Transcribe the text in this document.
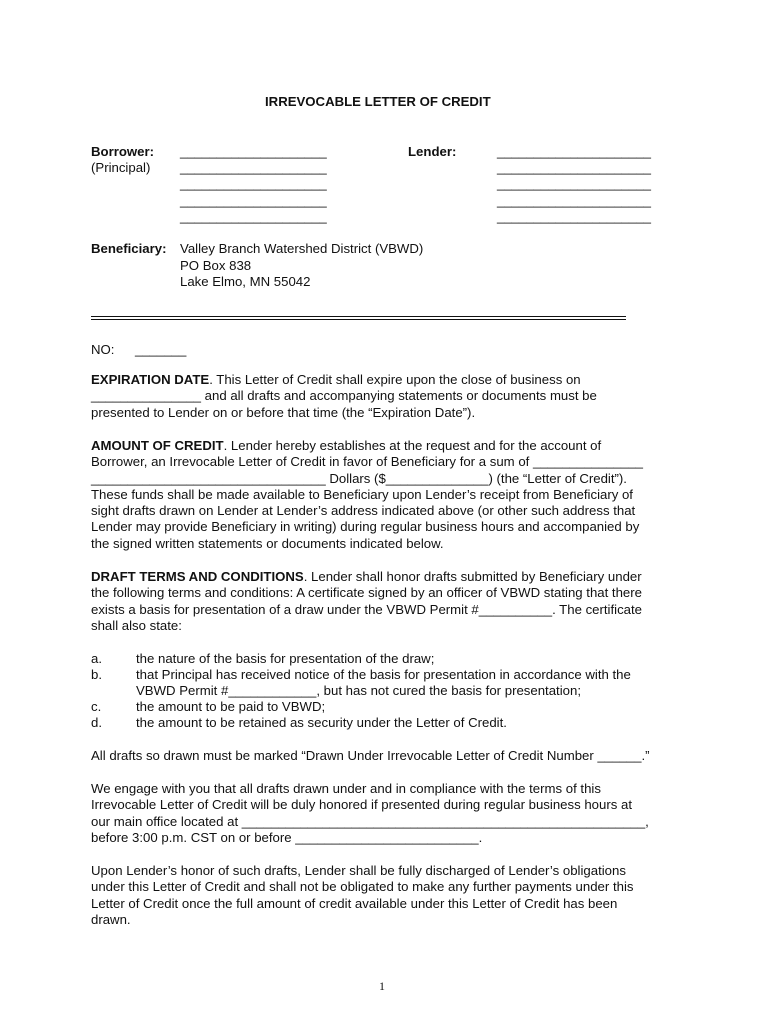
IRREVOCABLE LETTER OF CREDIT
Borrower:
(Principal)
____________________
____________________
____________________
____________________
____________________
Lender:	_____________________
_____________________
_____________________
_____________________
_____________________
Beneficiary: Valley Branch Watershed District (VBWD)
PO Box 838
Lake Elmo, MN 55042
NO: _______
EXPIRATION DATE. This Letter of Credit shall expire upon the close of business on
_______________ and all drafts and accompanying statements or documents must be
presented to Lender on or before that time (the “Expiration Date”).
AMOUNT OF CREDIT. Lender hereby establishes at the request and for the account of
Borrower, an Irrevocable Letter of Credit in favor of Beneficiary for a sum of _______________
________________________________ Dollars ($______________) (the “Letter of Credit”).
These funds shall be made available to Beneficiary upon Lender’s receipt from Beneficiary of
sight drafts drawn on Lender at Lender’s address indicated above (or other such address that
Lender may provide Beneficiary in writing) during regular business hours and accompanied by
the signed written statements or documents indicated below.
DRAFT TERMS AND CONDITIONS. Lender shall honor drafts submitted by Beneficiary under
the following terms and conditions: A certificate signed by an officer of VBWD stating that there
exists a basis for presentation of a draw under the VBWD Permit #__________. The certificate
shall also state:
a.	the nature of the basis for presentation of the draw;
b.	that Principal has received notice of the basis for presentation in accordance with the
VBWD Permit #____________, but has not cured the basis for presentation;
c.	the amount to be paid to VBWD;
d.	the amount to be retained as security under the Letter of Credit.
All drafts so drawn must be marked “Drawn Under Irrevocable Letter of Credit Number ______.”
We engage with you that all drafts drawn under and in compliance with the terms of this
Irrevocable Letter of Credit will be duly honored if presented during regular business hours at
our main office located at _______________________________________________________,
before 3:00 p.m. CST on or before _________________________.
Upon Lender’s honor of such drafts, Lender shall be fully discharged of Lender’s obligations
under this Letter of Credit and shall not be obligated to make any further payments under this
Letter of Credit once the full amount of credit available under this Letter of Credit has been
drawn.
1
